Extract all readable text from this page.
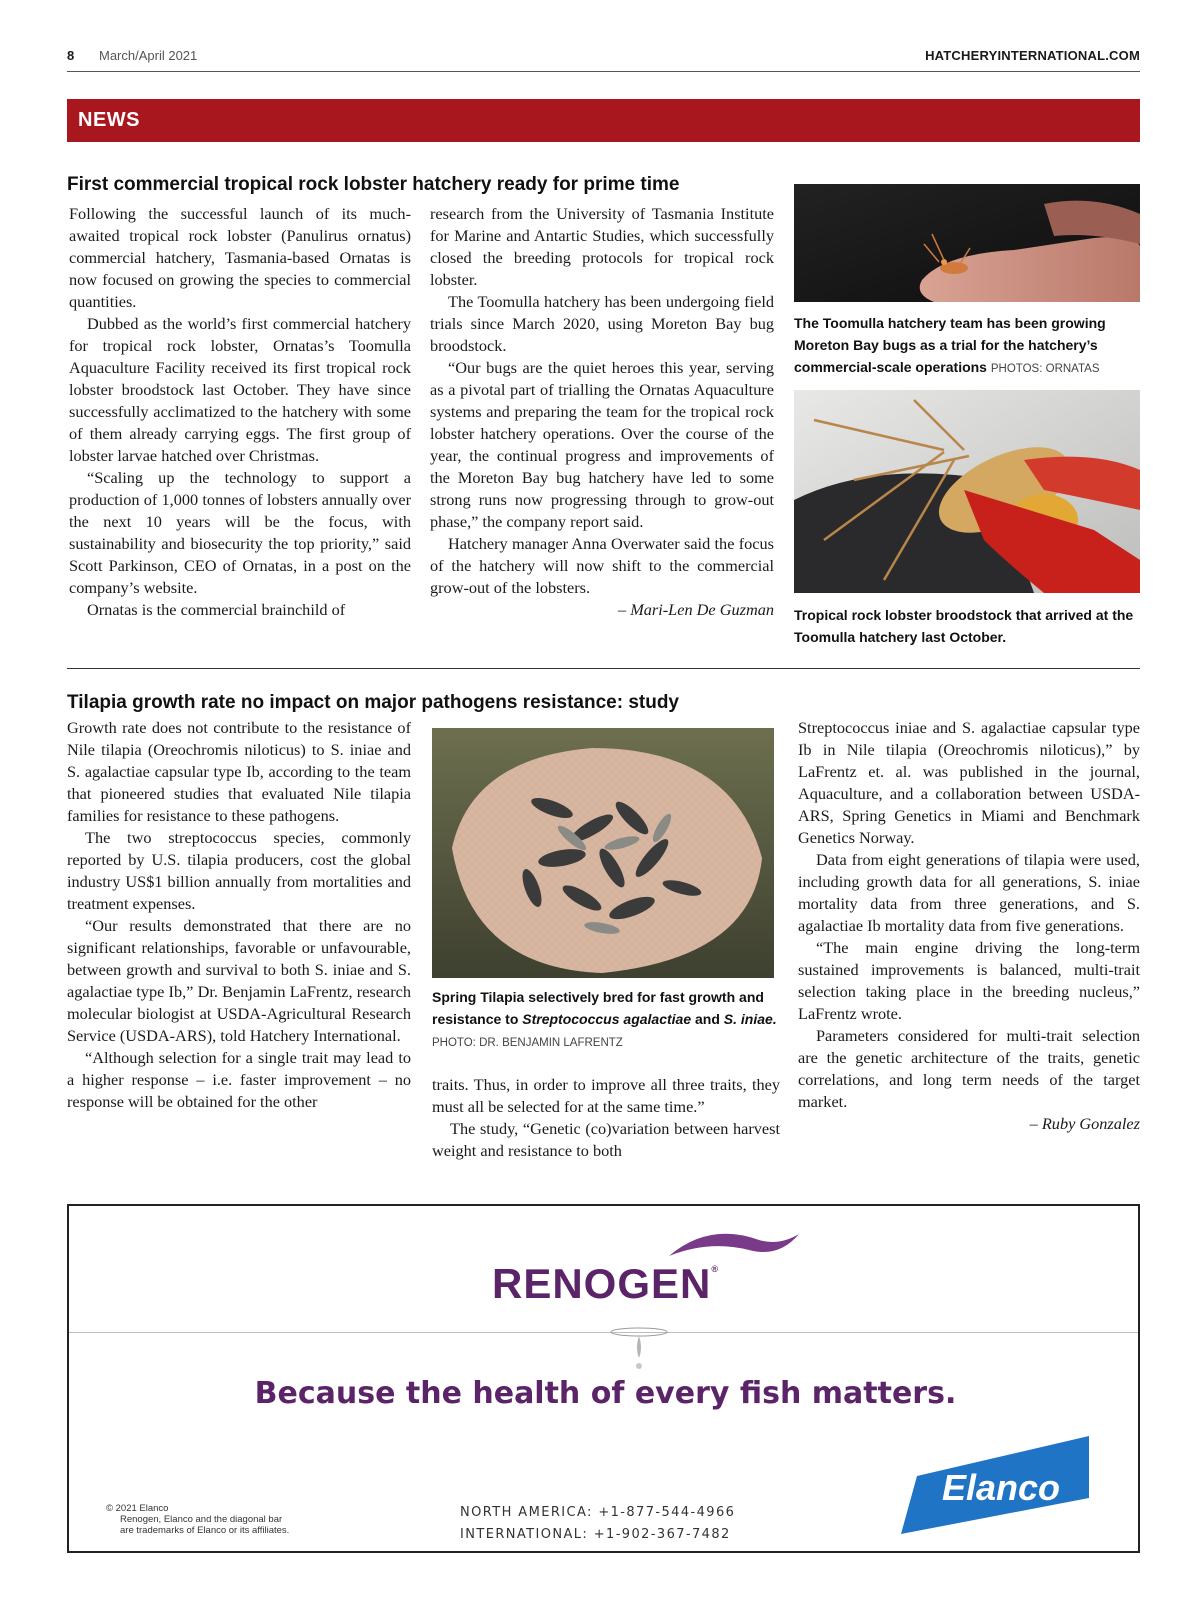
8 March/April 2021	HATCHERYINTERNATIONAL.COM
NEWS
First commercial tropical rock lobster hatchery ready for prime time

Following the successful launch of its much-awaited tropical rock lobster (Panulirus ornatus) commercial hatchery, Tasmania-based Ornatas is now focused on growing the species to commercial quantities.

Dubbed as the world’s first commercial hatchery for tropical rock lobster, Ornatas’s Toomulla Aquaculture Facility received its first tropical rock lobster broodstock last October. They have since successfully acclimatized to the hatchery with some of them already carrying eggs. The first group of lobster larvae hatched over Christmas.

“Scaling up the technology to support a production of 1,000 tonnes of lobsters annually over the next 10 years will be the focus, with sustainability and biosecurity the top priority,” said Scott Parkinson, CEO of Ornatas, in a post on the company’s website.

Ornatas is the commercial brainchild of

research from the University of Tasmania Institute for Marine and Antartic Studies, which successfully closed the breeding protocols for tropical rock lobster.

The Toomulla hatchery has been undergoing field trials since March 2020, using Moreton Bay bug broodstock.

“Our bugs are the quiet heroes this year, serving as a pivotal part of trialling the Ornatas Aquaculture systems and preparing the team for the tropical rock lobster hatchery operations. Over the course of the year, the continual progress and improvements of the Moreton Bay bug hatchery have led to some strong runs now progressing through to grow-out phase,” the company report said.

Hatchery manager Anna Overwater said the focus of the hatchery will now shift to the commercial grow-out of the lobsters.

– Mari-Len De Guzman

The Toomulla hatchery team has been growing Moreton Bay bugs as a trial for the hatchery’s commercial-scale operations PHOTOS: ORNATAS
Tropical rock lobster broodstock that arrived at the Toomulla hatchery last October.
Tilapia growth rate no impact on major pathogens resistance: study

Growth rate does not contribute to the resistance of Nile tilapia (Oreochromis niloticus) to S. iniae and S. agalactiae capsular type Ib, according to the team that pioneered studies that evaluated Nile tilapia families for resistance to these pathogens.

The two streptococcus species, commonly reported by U.S. tilapia producers, cost the global industry US$1 billion annually from mortalities and treatment expenses.

“Our results demonstrated that there are no significant relationships, favorable or unfavourable, between growth and survival to both S. iniae and S. agalactiae type Ib,” Dr. Benjamin LaFrentz, research molecular biologist at USDA-Agricultural Research Service (USDA-ARS), told Hatchery International.

“Although selection for a single trait may lead to a higher response – i.e. faster improvement – no response will be obtained for the other

Spring Tilapia selectively bred for fast growth and resistance to Streptococcus agalactiae and S. iniae. PHOTO: DR. BENJAMIN LAFRENTZ

traits. Thus, in order to improve all three traits, they must all be selected for at the same time.”

The study, “Genetic (co)variation between harvest weight and resistance to both

Streptococcus iniae and S. agalactiae capsular type Ib in Nile tilapia (Oreochromis niloticus),” by LaFrentz et. al. was published in the journal, Aquaculture, and a collaboration between USDA-ARS, Spring Genetics in Miami and Benchmark Genetics Norway.

Data from eight generations of tilapia were used, including growth data for all generations, S. iniae mortality data from three generations, and S. agalactiae Ib mortality data from five generations.

“The main engine driving the long-term sustained improvements is balanced, multi-trait selection taking place in the breeding nucleus,” LaFrentz wrote.

Parameters considered for multi-trait selection are the genetic architecture of the traits, genetic correlations, and long term needs of the target market.

– Ruby Gonzalez

RENOGEN®
Because the health of every fish matters.
© 2021 Elanco
Renogen, Elanco and the diagonal bar
are trademarks of Elanco or its affiliates.
NORTH AMERICA: +1-877-544-4966
INTERNATIONAL: +1-902-367-7482
Elanco
